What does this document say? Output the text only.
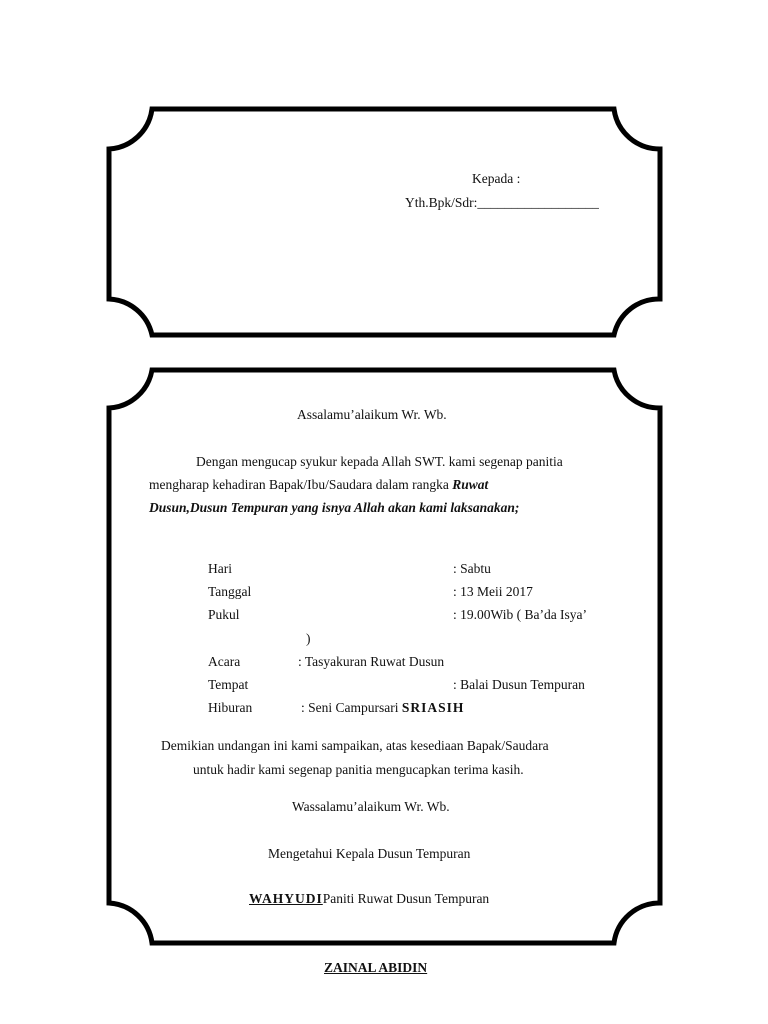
Kepada :
Yth.Bpk/Sdr:__________________
Assalamu’alaikum Wr. Wb.
Dengan mengucap syukur kepada Allah SWT. kami segenap panitia
mengharap kehadiran Bapak/Ibu/Saudara dalam rangka Ruwat
Dusun,Dusun Tempuran yang isnya Allah akan kami laksanakan;
Hari	: Sabtu
Tanggal	: 13 Meii 2017
Pukul	: 19.00Wib ( Ba’da Isya’
)
Acara	: Tasyakuran Ruwat Dusun
Tempat	: Balai Dusun Tempuran
Hiburan	: Seni Campursari SRIASIH
Demikian undangan ini kami sampaikan, atas kesediaan Bapak/Saudara
untuk hadir kami segenap panitia mengucapkan terima kasih.
Wassalamu’alaikum Wr. Wb.
Mengetahui Kepala Dusun Tempuran
WAHYUDIPaniti Ruwat Dusun Tempuran
ZAINAL ABIDIN
